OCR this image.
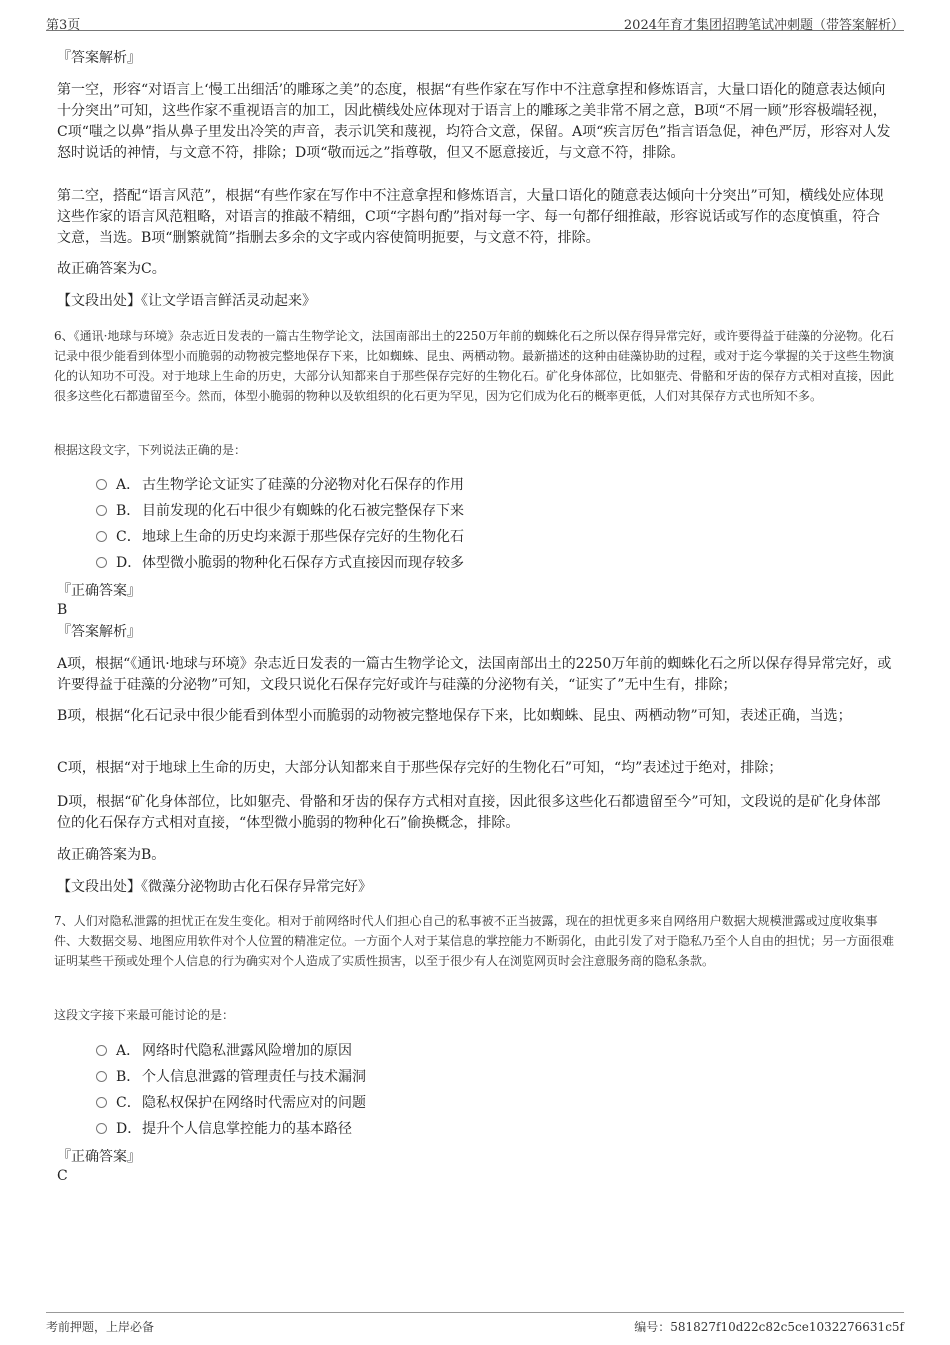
第3页	2024年育才集团招聘笔试冲刺题（带答案解析）

『答案解析』

第一空，形容“对语言上‘慢工出细活’的雕琢之美”的态度，根据“有些作家在写作中不注意拿捏和修炼语言，大量口语化的随意表达倾向十分突出”可知，这些作家不重视语言的加工，因此横线处应体现对于语言上的雕琢之美非常不屑之意，B项“不屑一顾”形容极端轻视，C项“嗤之以鼻”指从鼻子里发出冷笑的声音，表示讥笑和蔑视，均符合文意，保留。A项“疾言厉色”指言语急促，神色严厉，形容对人发怒时说话的神情，与文意不符，排除；D项“敬而远之”指尊敬，但又不愿意接近，与文意不符，排除。

第二空，搭配“语言风范”，根据“有些作家在写作中不注意拿捏和修炼语言，大量口语化的随意表达倾向十分突出”可知，横线处应体现这些作家的语言风范粗略，对语言的推敲不精细，C项“字斟句酌”指对每一字、每一句都仔细推敲，形容说话或写作的态度慎重，符合文意，当选。B项“删繁就简”指删去多余的文字或内容使简明扼要，与文意不符，排除。

故正确答案为C。

【文段出处】《让文学语言鲜活灵动起来》

6、《通讯·地球与环境》杂志近日发表的一篇古生物学论文，法国南部出土的2250万年前的蜘蛛化石之所以保存得异常完好，或许要得益于硅藻的分泌物。化石记录中很少能看到体型小而脆弱的动物被完整地保存下来，比如蜘蛛、昆虫、两栖动物。最新描述的这种由硅藻协助的过程，或对于迄今掌握的关于这些生物演化的认知功不可没。对于地球上生命的历史，大部分认知都来自于那些保存完好的生物化石。矿化身体部位，比如躯壳、骨骼和牙齿的保存方式相对直接，因此很多这些化石都遗留至今。然而，体型小脆弱的物种以及软组织的化石更为罕见，因为它们成为化石的概率更低，人们对其保存方式也所知不多。

根据这段文字，下列说法正确的是：

A． 古生物学论文证实了硅藻的分泌物对化石保存的作用
B． 目前发现的化石中很少有蜘蛛的化石被完整保存下来
C．地球上生命的历史均来源于那些保存完好的生物化石
D．体型微小脆弱的物种化石保存方式直接因而现存较多

『正确答案』

B

『答案解析』

A项，根据“《通讯·地球与环境》杂志近日发表的一篇古生物学论文，法国南部出土的2250万年前的蜘蛛化石之所以保存得异常完好，或许要得益于硅藻的分泌物”可知，文段只说化石保存完好或许与硅藻的分泌物有关，“证实了”无中生有，排除；

B项，根据“化石记录中很少能看到体型小而脆弱的动物被完整地保存下来，比如蜘蛛、昆虫、两栖动物”可知，表述正确，当选；

C项，根据“对于地球上生命的历史，大部分认知都来自于那些保存完好的生物化石”可知，“均”表述过于绝对，排除；

D项，根据“矿化身体部位，比如躯壳、骨骼和牙齿的保存方式相对直接，因此很多这些化石都遗留至今”可知，文段说的是矿化身体部位的化石保存方式相对直接，“体型微小脆弱的物种化石”偷换概念，排除。

故正确答案为B。

【文段出处】《微藻分泌物助古化石保存异常完好》

7、人们对隐私泄露的担忧正在发生变化。相对于前网络时代人们担心自己的私事被不正当披露，现在的担忧更多来自网络用户数据大规模泄露或过度收集事件、大数据交易、地图应用软件对个人位置的精准定位。一方面个人对于某信息的掌控能力不断弱化，由此引发了对于隐私乃至个人自由的担忧；另一方面很难证明某些干预或处理个人信息的行为确实对个人造成了实质性损害，以至于很少有人在浏览网页时会注意服务商的隐私条款。

这段文字接下来最可能讨论的是：

A． 网络时代隐私泄露风险增加的原因
B． 个人信息泄露的管理责任与技术漏洞
C．隐私权保护在网络时代需应对的问题
D．提升个人信息掌控能力的基本路径

『正确答案』

C

考前押题，上岸必备	编号：581827f10d22c82c5ce1032276631c5f
